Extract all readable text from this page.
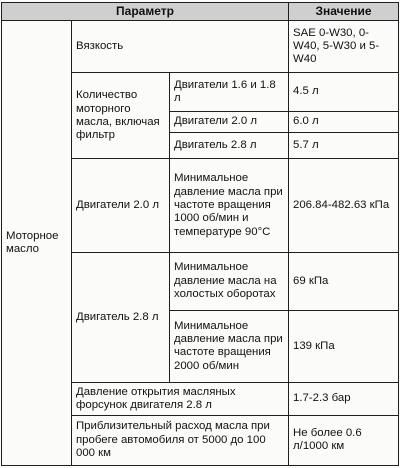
Параметр			Значение
Моторное масло	Вязкость		SAE 0-W30, 0-W40, 5-W30 и 5-W40
	Количество моторного масла, включая фильтр	Двигатели 1.6 и 1.8 л	4.5 л
		Двигатели 2.0 л	6.0 л
		Двигатель 2.8 л	5.7 л
	Двигатели 2.0 л	Минимальное давление масла при частоте вращения 1000 об/мин и температуре 90°C	206.84-482.63 кПа
	Двигатель 2.8 л	Минимальное давление масла на холостых оборотах	69 кПа
		Минимальное давление масла при частоте вращения 2000 об/мин	139 кПа
	Давление открытия масляных форсунок двигателя 2.8 л		1.7-2.3 бар
	Приблизительный расход масла при пробеге автомобиля от 5000 до 100 000 км		Не более 0.6 л/1000 км
